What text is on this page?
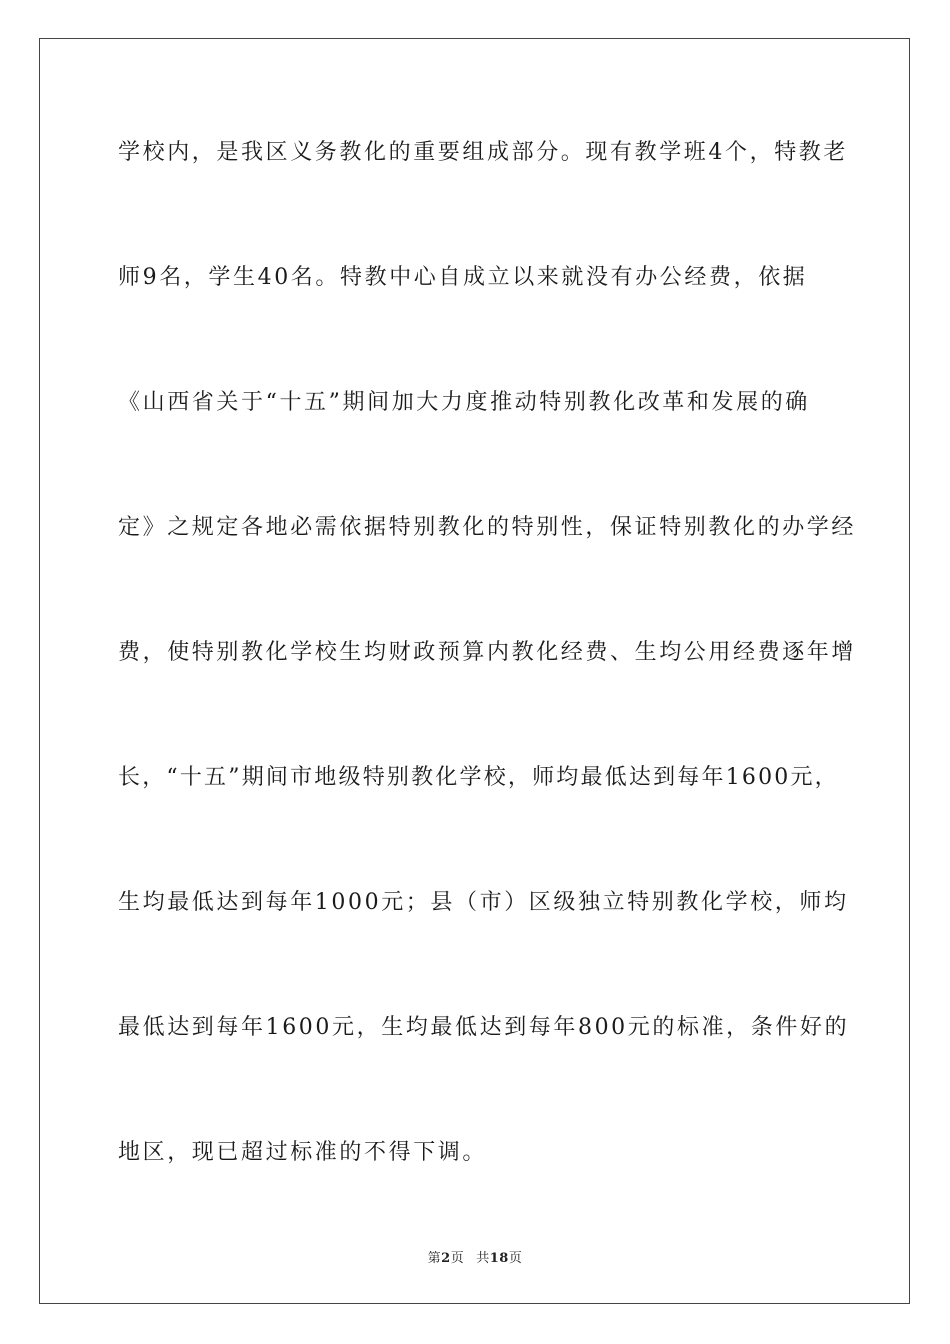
学校内，是我区义务教化的重要组成部分。现有教学班4个，特教老
师9名，学生40名。特教中心自成立以来就没有办公经费，依据
《山西省关于“十五”期间加大力度推动特别教化改革和发展的确
定》之规定各地必需依据特别教化的特别性，保证特别教化的办学经
费，使特别教化学校生均财政预算内教化经费、生均公用经费逐年增
长，“十五”期间市地级特别教化学校，师均最低达到每年1600元，
生均最低达到每年1000元；县（市）区级独立特别教化学校，师均
最低达到每年1600元，生均最低达到每年800元的标准，条件好的
地区，现已超过标准的不得下调。
第2页 共18页
